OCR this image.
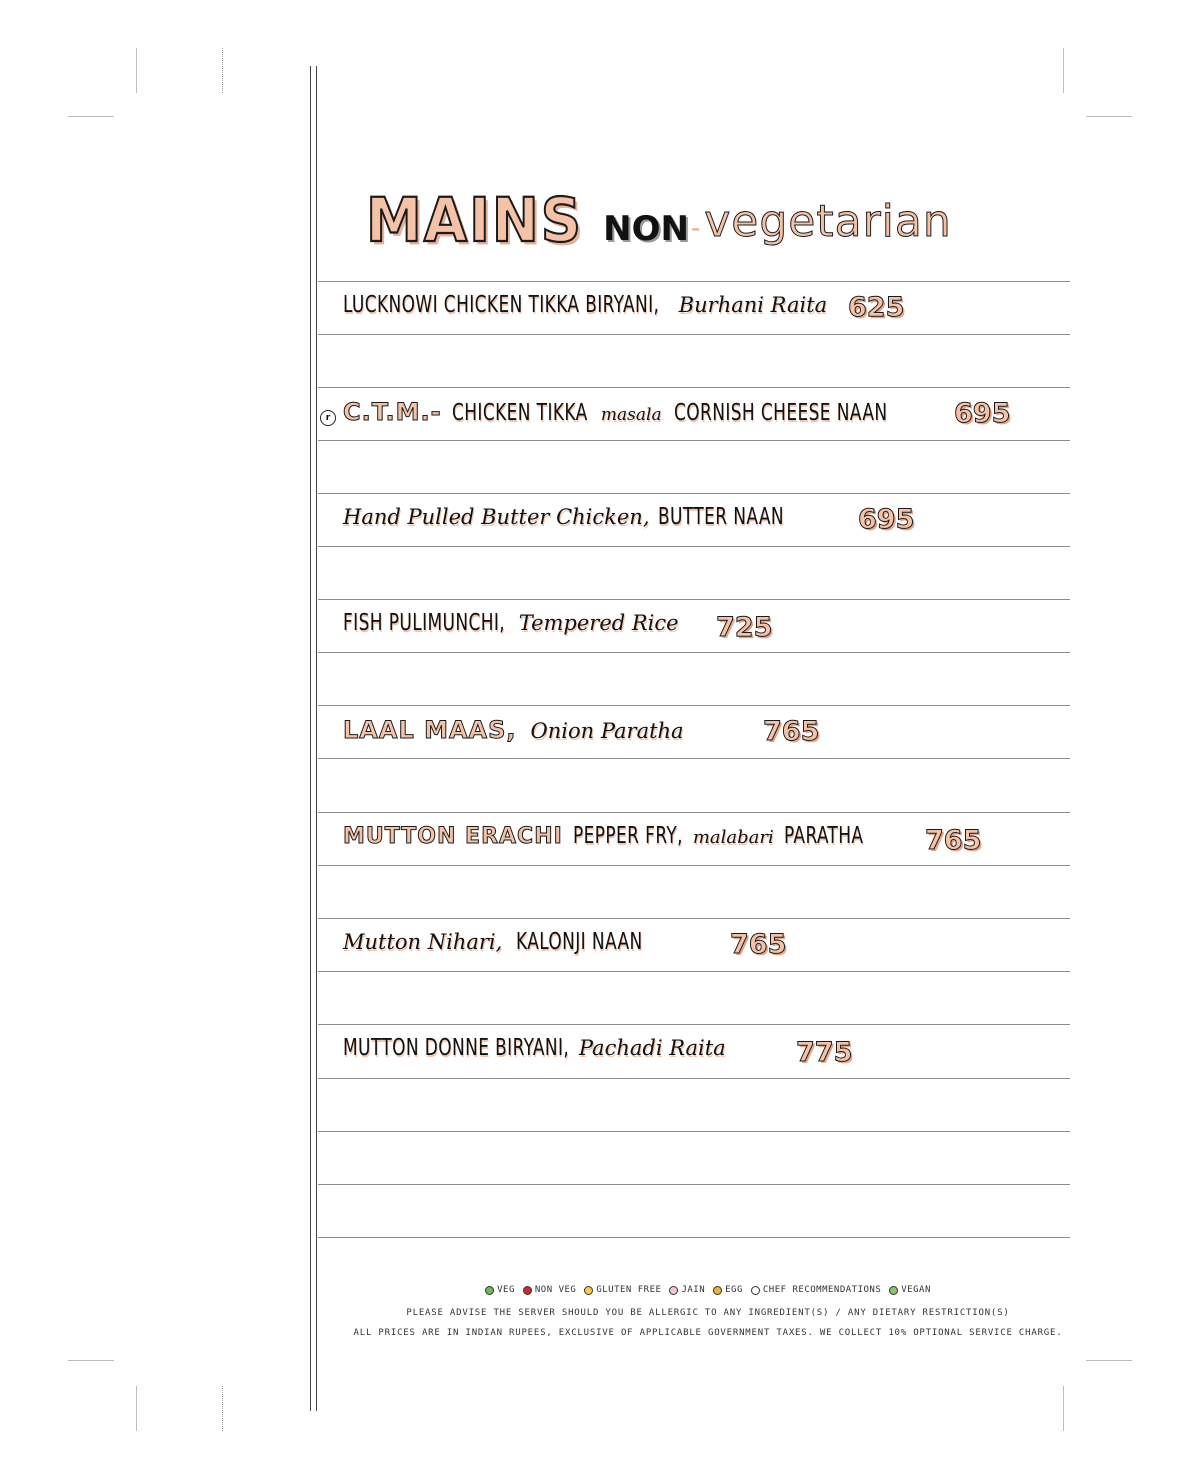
MAINS NON - vegetarian
LUCKNOWI CHICKEN TIKKA BIRYANI, Burhani Raita 625
r C.T.M.- CHICKEN TIKKA masala CORNISH CHEESE NAAN 695
Hand Pulled Butter Chicken, BUTTER NAAN	695
FISH PULIMUNCHI, Tempered Rice 725
LAAL MAAS, Onion Paratha	765
MUTTON ERACHI PEPPER FRY, malabari PARATHA 765
Mutton Nihari, KALONJI NAAN	765
MUTTON DONNE BIRYANI, Pachadi Raita	775
VEG NON VEG GLUTEN FREE JAIN EGG CHEF RECOMMENDATIONS VEGAN
PLEASE ADVISE THE SERVER SHOULD YOU BE ALLERGIC TO ANY INGREDIENT(S) / ANY DIETARY RESTRICTION(S)
ALL PRICES ARE IN INDIAN RUPEES, EXCLUSIVE OF APPLICABLE GOVERNMENT TAXES. WE COLLECT 10% OPTIONAL SERVICE CHARGE.
